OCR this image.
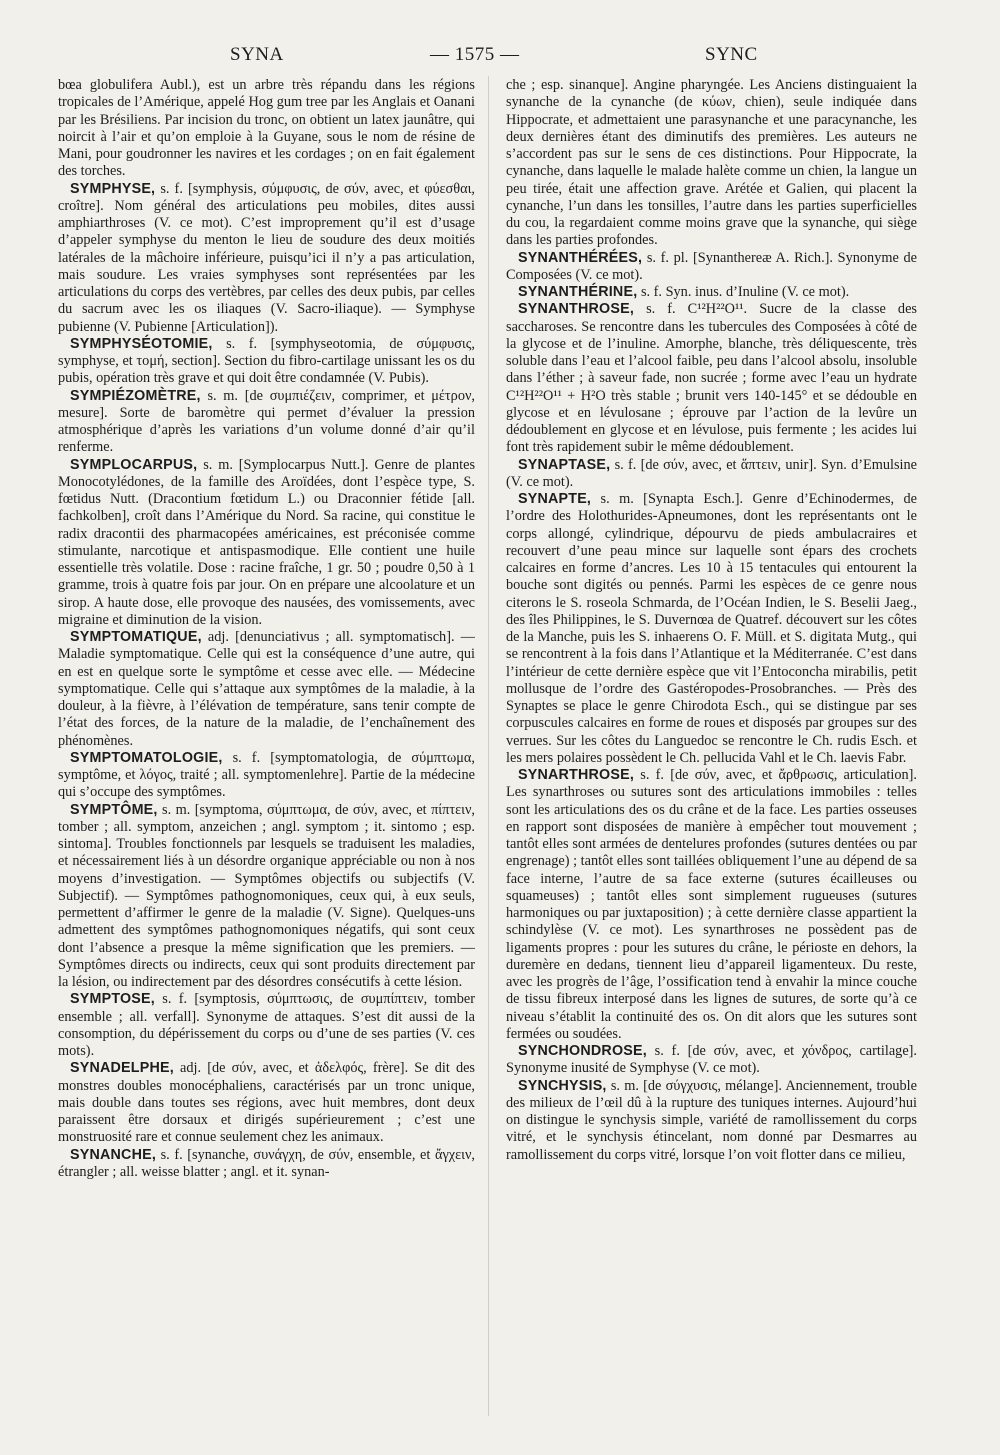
SYNA	— 1575 —	SYNC

bœa globulifera Aubl.), est un arbre très répandu dans les régions tropicales de l’Amérique, appelé Hog gum tree par les Anglais et Oanani par les Brésiliens. Par incision du tronc, on obtient un latex jaunâtre, qui noircit à l’air et qu’on emploie à la Guyane, sous le nom de résine de Mani, pour goudronner les navires et les cordages ; on en fait également des torches.

SYMPHYSE, s. f. [symphysis, σύμφυσις, de σύν, avec, et φύεσθαι, croître]. Nom général des articulations peu mobiles, dites aussi amphiarthroses (V. ce mot). C’est improprement qu’il est d’usage d’appeler symphyse du menton le lieu de soudure des deux moitiés latérales de la mâchoire inférieure, puisqu’ici il n’y a pas articulation, mais soudure. Les vraies symphyses sont représentées par les articulations du corps des vertèbres, par celles des deux pubis, par celles du sacrum avec les os iliaques (V. Sacro-iliaque). — Symphyse pubienne (V. Pubienne [Articulation]).

SYMPHYSÉOTOMIE, s. f. [symphyseotomia, de σύμφυσις, symphyse, et τομή, section]. Section du fibro-cartilage unissant les os du pubis, opération très grave et qui doit être condamnée (V. Pubis).

SYMPIÉZOMÈTRE, s. m. [de συμπιέζειν, comprimer, et μέτρον, mesure]. Sorte de baromètre qui permet d’évaluer la pression atmosphérique d’après les variations d’un volume donné d’air qu’il renferme.

SYMPLOCARPUS, s. m. [Symplocarpus Nutt.]. Genre de plantes Monocotylédones, de la famille des Aroïdées, dont l’espèce type, S. fœtidus Nutt. (Dracontium fœtidum L.) ou Draconnier fétide [all. fachkolben], croît dans l’Amérique du Nord. Sa racine, qui constitue le radix dracontii des pharmacopées américaines, est préconisée comme stimulante, narcotique et antispasmodique. Elle contient une huile essentielle très volatile. Dose : racine fraîche, 1 gr. 50 ; poudre 0,50 à 1 gramme, trois à quatre fois par jour. On en prépare une alcoolature et un sirop. A haute dose, elle provoque des nausées, des vomissements, avec migraine et diminution de la vision.

SYMPTOMATIQUE, adj. [denunciativus ; all. symptomatisch]. — Maladie symptomatique. Celle qui est la conséquence d’une autre, qui en est en quelque sorte le symptôme et cesse avec elle. — Médecine symptomatique. Celle qui s’attaque aux symptômes de la maladie, à la douleur, à la fièvre, à l’élévation de température, sans tenir compte de l’état des forces, de la nature de la maladie, de l’enchaînement des phénomènes.

SYMPTOMATOLOGIE, s. f. [symptomatologia, de σύμπτωμα, symptôme, et λόγος, traité ; all. symptomenlehre]. Partie de la médecine qui s’occupe des symptômes.

SYMPTÔME, s. m. [symptoma, σύμπτωμα, de σύν, avec, et πίπτειν, tomber ; all. symptom, anzeichen ; angl. symptom ; it. sintomo ; esp. sintoma]. Troubles fonctionnels par lesquels se traduisent les maladies, et nécessairement liés à un désordre organique appréciable ou non à nos moyens d’investigation. — Symptômes objectifs ou subjectifs (V. Subjectif). — Symptômes pathognomoniques, ceux qui, à eux seuls, permettent d’affirmer le genre de la maladie (V. Signe). Quelques-uns admettent des symptômes pathognomoniques négatifs, qui sont ceux dont l’absence a presque la même signification que les premiers. — Symptômes directs ou indirects, ceux qui sont produits directement par la lésion, ou indirectement par des désordres consécutifs à cette lésion.

SYMPTOSE, s. f. [symptosis, σύμπτωσις, de συμπίπτειν, tomber ensemble ; all. verfall]. Synonyme de attaques. S’est dit aussi de la consomption, du dépérissement du corps ou d’une de ses parties (V. ces mots).

SYNADELPHE, adj. [de σύν, avec, et ἀδελφός, frère]. Se dit des monstres doubles monocéphaliens, caractérisés par un tronc unique, mais double dans toutes ses régions, avec huit membres, dont deux paraissent être dorsaux et dirigés supérieurement ; c’est une monstruosité rare et connue seulement chez les animaux.

SYNANCHE, s. f. [synanche, συνάγχη, de σύν, ensemble, et ἄγχειν, étrangler ; all. weisse blatter ; angl. et it. synan-

che ; esp. sinanque]. Angine pharyngée. Les Anciens distinguaient la synanche de la cynanche (de κύων, chien), seule indiquée dans Hippocrate, et admettaient une parasynanche et une paracynanche, les deux dernières étant des diminutifs des premières. Les auteurs ne s’accordent pas sur le sens de ces distinctions. Pour Hippocrate, la cynanche, dans laquelle le malade halète comme un chien, la langue un peu tirée, était une affection grave. Arétée et Galien, qui placent la cynanche, l’un dans les tonsilles, l’autre dans les parties superficielles du cou, la regardaient comme moins grave que la synanche, qui siège dans les parties profondes.

SYNANTHÉRÉES, s. f. pl. [Synanthereæ A. Rich.]. Synonyme de Composées (V. ce mot).

SYNANTHÉRINE, s. f. Syn. inus. d’Inuline (V. ce mot).

SYNANTHROSE, s. f. C¹²H²²O¹¹. Sucre de la classe des saccharoses. Se rencontre dans les tubercules des Composées à côté de la glycose et de l’inuline. Amorphe, blanche, très déliquescente, très soluble dans l’eau et l’alcool faible, peu dans l’alcool absolu, insoluble dans l’éther ; à saveur fade, non sucrée ; forme avec l’eau un hydrate C¹²H²²O¹¹ + H²O très stable ; brunit vers 140-145° et se dédouble en glycose et en lévulosane ; éprouve par l’action de la levûre un dédoublement en glycose et en lévulose, puis fermente ; les acides lui font très rapidement subir le même dédoublement.

SYNAPTASE, s. f. [de σύν, avec, et ἅπτειν, unir]. Syn. d’Emulsine (V. ce mot).

SYNAPTE, s. m. [Synapta Esch.]. Genre d’Echinodermes, de l’ordre des Holothurides-Apneumones, dont les représentants ont le corps allongé, cylindrique, dépourvu de pieds ambulacraires et recouvert d’une peau mince sur laquelle sont épars des crochets calcaires en forme d’ancres. Les 10 à 15 tentacules qui entourent la bouche sont digités ou pennés. Parmi les espèces de ce genre nous citerons le S. roseola Schmarda, de l’Océan Indien, le S. Beselii Jaeg., des îles Philippines, le S. Duvernœa de Quatref. découvert sur les côtes de la Manche, puis les S. inhaerens O. F. Müll. et S. digitata Mutg., qui se rencontrent à la fois dans l’Atlantique et la Méditerranée. C’est dans l’intérieur de cette dernière espèce que vit l’Entoconcha mirabilis, petit mollusque de l’ordre des Gastéropodes-Prosobranches. — Près des Synaptes se place le genre Chirodota Esch., qui se distingue par ses corpuscules calcaires en forme de roues et disposés par groupes sur des verrues. Sur les côtes du Languedoc se rencontre le Ch. rudis Esch. et les mers polaires possèdent le Ch. pellucida Vahl et le Ch. laevis Fabr.

SYNARTHROSE, s. f. [de σύν, avec, et ἄρθρωσις, articulation]. Les synarthroses ou sutures sont des articulations immobiles : telles sont les articulations des os du crâne et de la face. Les parties osseuses en rapport sont disposées de manière à empêcher tout mouvement ; tantôt elles sont armées de dentelures profondes (sutures dentées ou par engrenage) ; tantôt elles sont taillées obliquement l’une au dépend de sa face interne, l’autre de sa face externe (sutures écailleuses ou squameuses) ; tantôt elles sont simplement rugueuses (sutures harmoniques ou par juxtaposition) ; à cette dernière classe appartient la schindylèse (V. ce mot). Les synarthroses ne possèdent pas de ligaments propres : pour les sutures du crâne, le périoste en dehors, la duremère en dedans, tiennent lieu d’appareil ligamenteux. Du reste, avec les progrès de l’âge, l’ossification tend à envahir la mince couche de tissu fibreux interposé dans les lignes de sutures, de sorte qu’à ce niveau s’établit la continuité des os. On dit alors que les sutures sont fermées ou soudées.

SYNCHONDROSE, s. f. [de σύν, avec, et χόνδρος, cartilage]. Synonyme inusité de Symphyse (V. ce mot).

SYNCHYSIS, s. m. [de σύγχυσις, mélange]. Anciennement, trouble des milieux de l’œil dû à la rupture des tuniques internes. Aujourd’hui on distingue le synchysis simple, variété de ramollissement du corps vitré, et le synchysis étincelant, nom donné par Desmarres au ramollissement du corps vitré, lorsque l’on voit flotter dans ce milieu,
